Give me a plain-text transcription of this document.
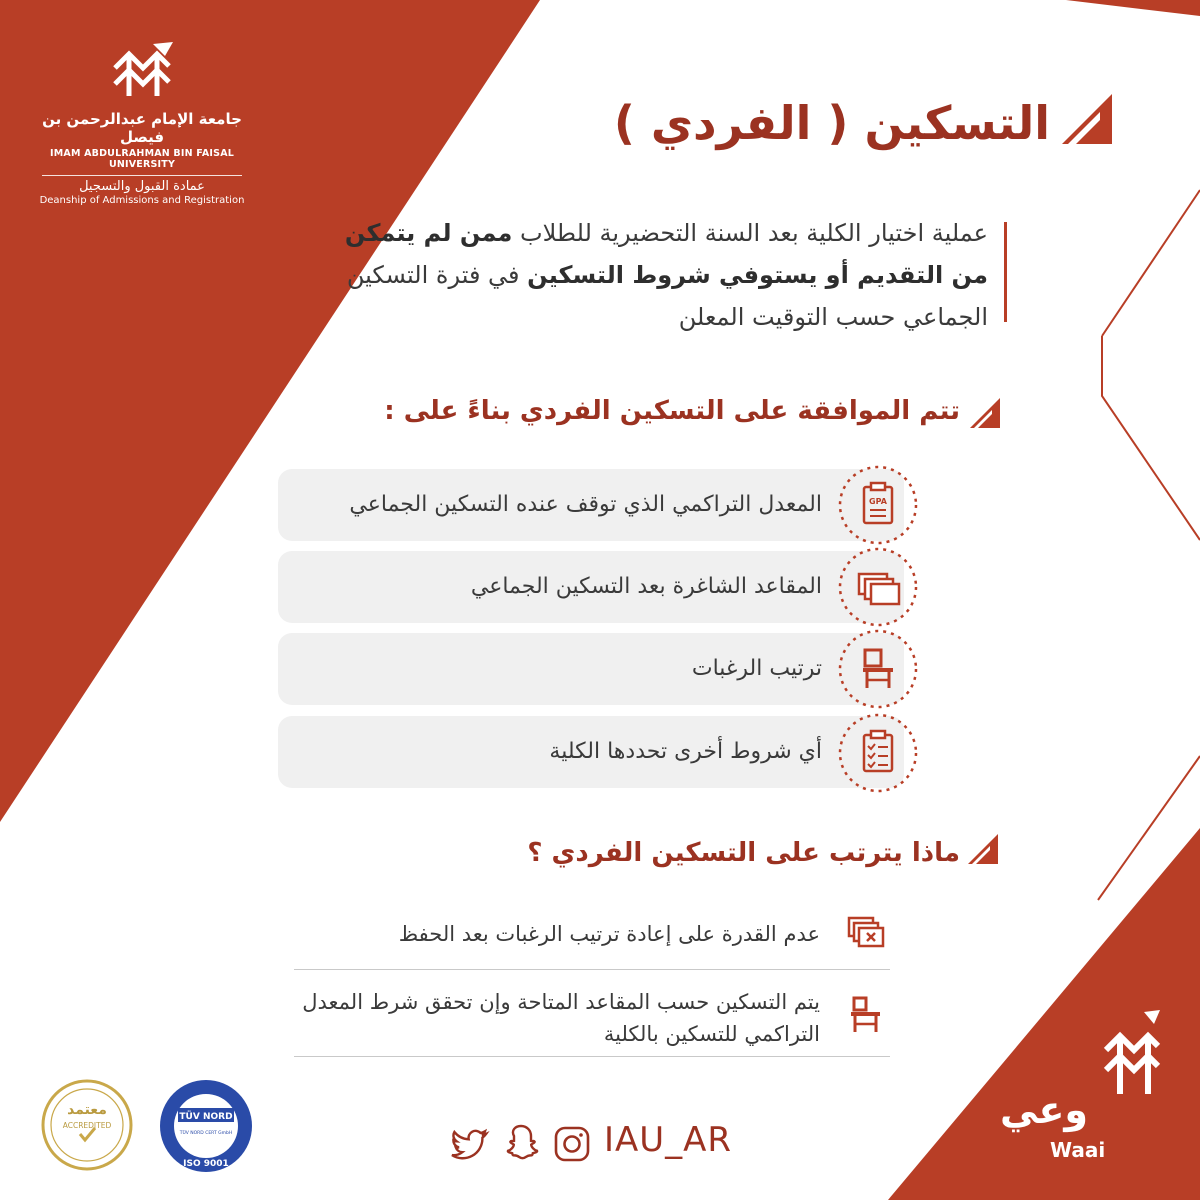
جامعة الإمام عبدالرحمن بن فيصل
IMAM ABDULRAHMAN BIN FAISAL UNIVERSITY
عمادة القبول والتسجيل
Deanship of Admissions and Registration
التسكين ( الفردي )
عملية اختيار الكلية بعد السنة التحضيرية للطلاب ممن لم يتمكن من التقديم أو يستوفي شروط التسكين في فترة التسكين الجماعي حسب التوقيت المعلن
تتم الموافقة على التسكين الفردي بناءً على :
المعدل التراكمي الذي توقف عنده التسكين الجماعي	GPA
المقاعد الشاغرة بعد التسكين الجماعي
ترتيب الرغبات
أي شروط أخرى تحددها الكلية
ماذا يترتب على التسكين الفردي ؟
عدم القدرة على إعادة ترتيب الرغبات بعد الحفظ
يتم التسكين حسب المقاعد المتاحة وإن تحقق شرط المعدل التراكمي للتسكين بالكلية
معتمد
ACCREDITED
TÜV NORD
TÜV NORD CERT GmbH
ISO 9001
IAU_AR
وعي
Waai
